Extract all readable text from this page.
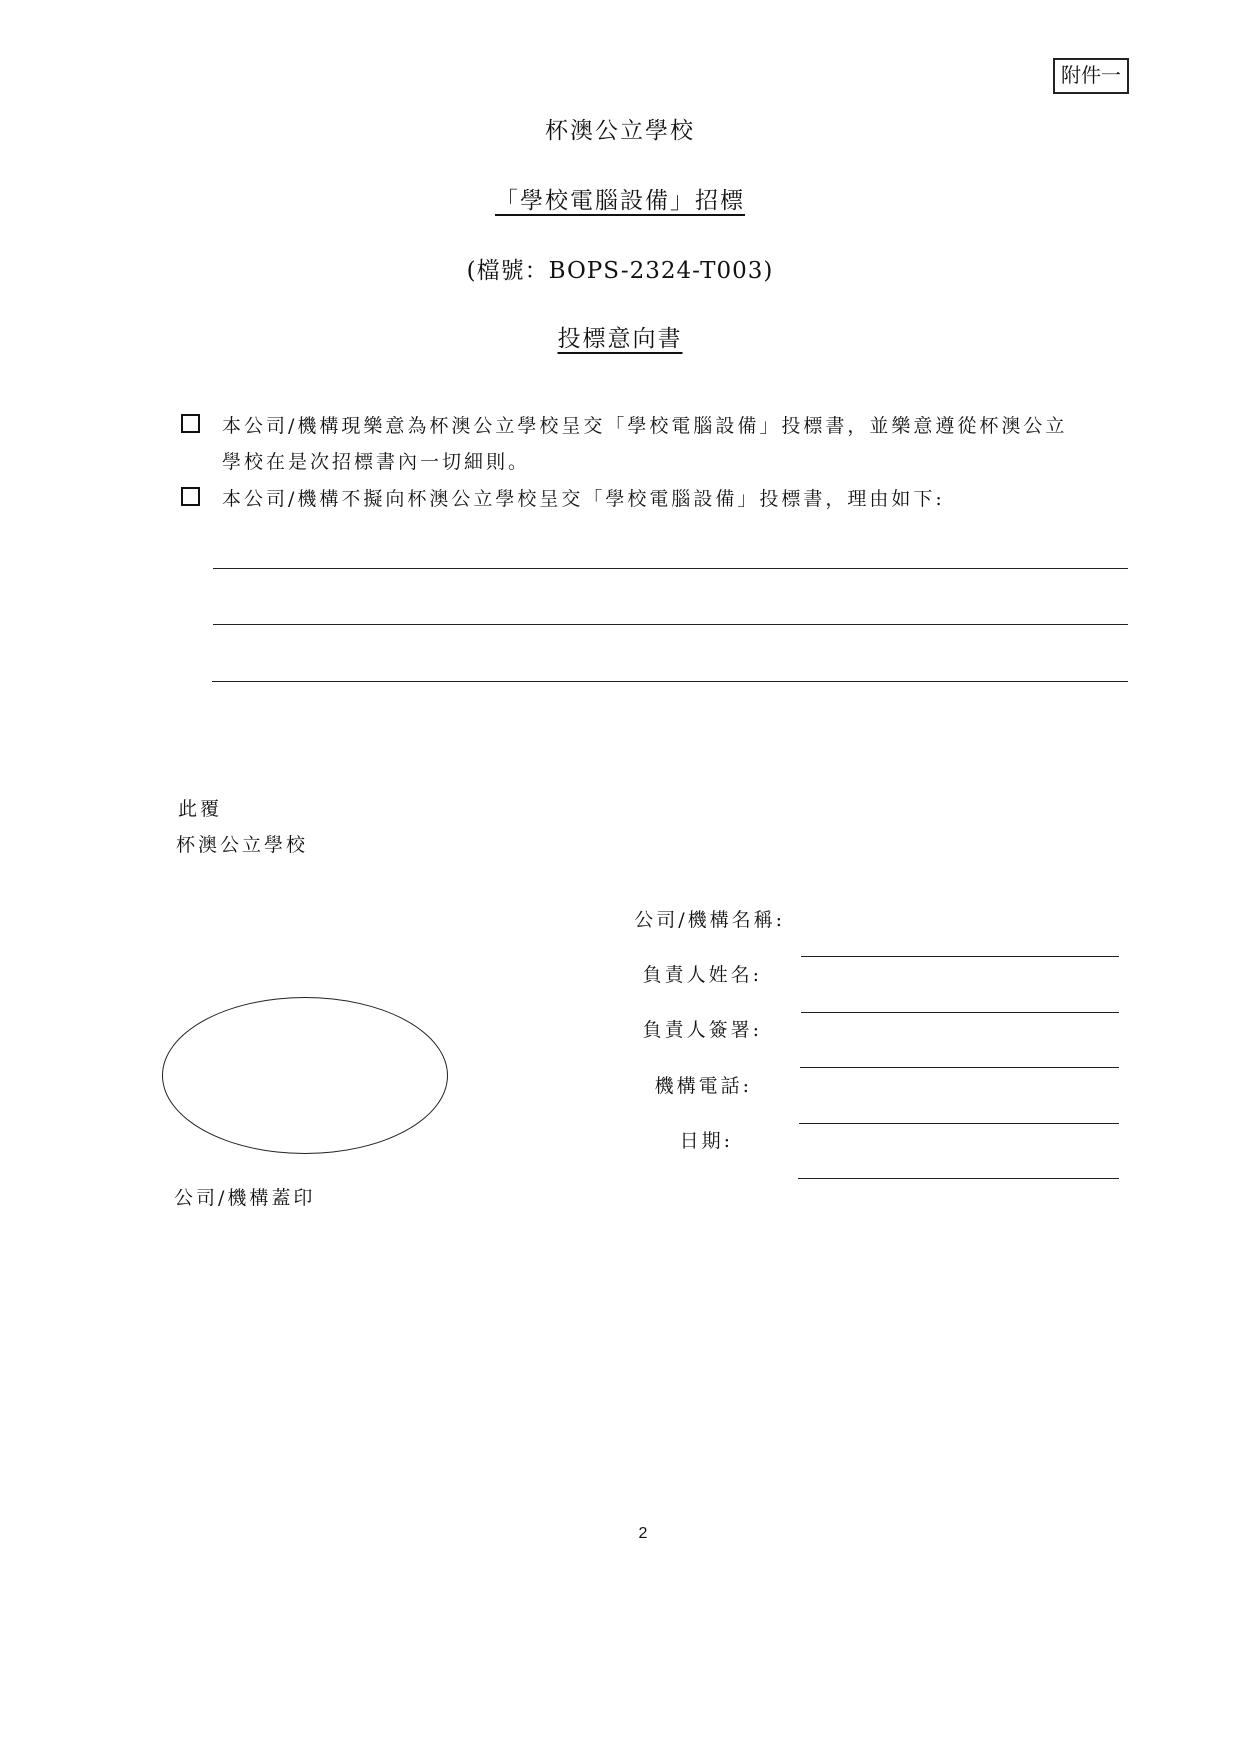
附件一
杯澳公立學校
「學校電腦設備」招標
(檔號：BOPS-2324-T003)
投標意向書
本公司/機構現樂意為杯澳公立學校呈交「學校電腦設備」投標書，並樂意遵從杯澳公立
學校在是次招標書內一切細則。
本公司/機構不擬向杯澳公立學校呈交「學校電腦設備」投標書，理由如下:
此覆
杯澳公立學校
公司/機構名稱:
負責人姓名:
負責人簽署:
機構電話:
日期:
公司/機構蓋印
2
